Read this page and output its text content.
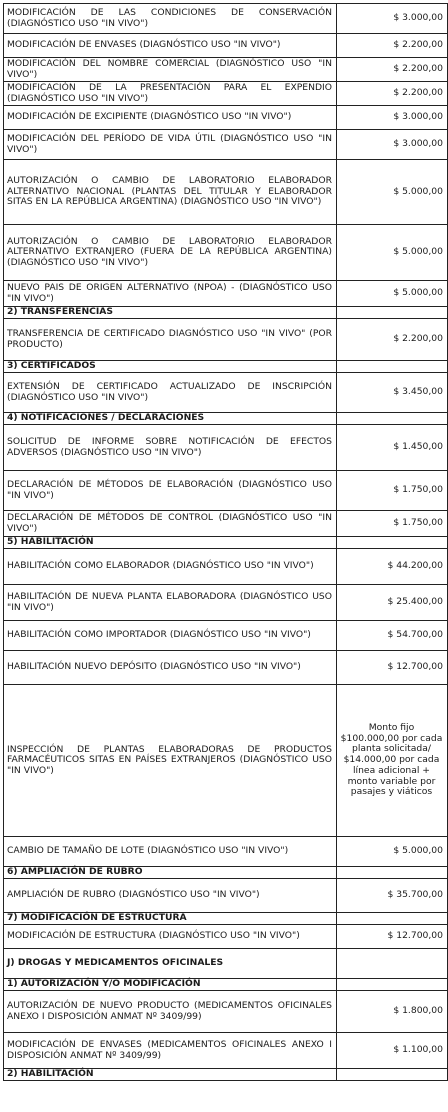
MODIFICACIÓN DE LAS CONDICIONES DE CONSERVACIÓN (DIAGNÓSTICO USO "IN VIVO")	$ 3.000,00
MODIFICACIÓN DE ENVASES (DIAGNÓSTICO USO "IN VIVO")	$ 2.200,00
MODIFICACIÓN DEL NOMBRE COMERCIAL (DIAGNÓSTICO USO "IN VIVO")	$ 2.200,00
MODIFICACIÓN DE LA PRESENTACIÓN PARA EL EXPENDIO (DIAGNÓSTICO USO "IN VIVO")	$ 2.200,00
MODIFICACIÓN DE EXCIPIENTE (DIAGNÓSTICO USO "IN VIVO")	$ 3.000,00
MODIFICACIÓN DEL PERÍODO DE VIDA ÚTIL (DIAGNÓSTICO USO "IN VIVO")	$ 3.000,00
AUTORIZACIÓN O CAMBIO DE LABORATORIO ELABORADOR ALTERNATIVO NACIONAL (PLANTAS DEL TITULAR Y ELABORADOR SITAS EN LA REPÚBLICA ARGENTINA) (DIAGNÓSTICO USO "IN VIVO")	$ 5.000,00
AUTORIZACIÓN O CAMBIO DE LABORATORIO ELABORADOR ALTERNATIVO EXTRANJERO (FUERA DE LA REPÚBLICA ARGENTINA) (DIAGNÓSTICO USO "IN VIVO")	$ 5.000,00
NUEVO PAIS DE ORIGEN ALTERNATIVO (NPOA) - (DIAGNÓSTICO USO "IN VIVO")	$ 5.000,00
2) TRANSFERENCIAS	
TRANSFERENCIA DE CERTIFICADO DIAGNÓSTICO USO "IN VIVO" (POR PRODUCTO)	$ 2.200,00
3) CERTIFICADOS	
EXTENSIÓN DE CERTIFICADO ACTUALIZADO DE INSCRIPCIÓN (DIAGNÓSTICO USO "IN VIVO")	$ 3.450,00
4) NOTIFICACIONES / DECLARACIONES	
SOLICITUD DE INFORME SOBRE NOTIFICACIÓN DE EFECTOS ADVERSOS (DIAGNÓSTICO USO "IN VIVO")	$ 1.450,00
DECLARACIÓN DE MÉTODOS DE ELABORACIÓN (DIAGNÓSTICO USO "IN VIVO")	$ 1.750,00
DECLARACIÓN DE MÉTODOS DE CONTROL (DIAGNÓSTICO USO "IN VIVO")	$ 1.750,00
5) HABILITACIÓN	
HABILITACIÓN COMO ELABORADOR (DIAGNÓSTICO USO "IN VIVO")	$ 44.200,00
HABILITACIÓN DE NUEVA PLANTA ELABORADORA (DIAGNÓSTICO USO "IN VIVO")	$ 25.400,00
HABILITACIÓN COMO IMPORTADOR (DIAGNÓSTICO USO "IN VIVO")	$ 54.700,00
HABILITACIÓN NUEVO DEPÓSITO (DIAGNÓSTICO USO "IN VIVO")	$ 12.700,00
INSPECCIÓN DE PLANTAS ELABORADORAS DE PRODUCTOS FARMACÉUTICOS SITAS EN PAÍSES EXTRANJEROS (DIAGNÓSTICO USO "IN VIVO")	Monto fijo $100.000,00 por cada planta solicitada/ $14.000,00 por cada línea adicional + monto variable por pasajes y viáticos
CAMBIO DE TAMAÑO DE LOTE (DIAGNÓSTICO USO "IN VIVO")	$ 5.000,00
6) AMPLIACIÓN DE RUBRO	
AMPLIACIÓN DE RUBRO (DIAGNÓSTICO USO "IN VIVO")	$ 35.700,00
7) MODIFICACIÓN DE ESTRUCTURA	
MODIFICACIÓN DE ESTRUCTURA (DIAGNÓSTICO USO "IN VIVO")	$ 12.700,00
J) DROGAS Y MEDICAMENTOS OFICINALES	
1) AUTORIZACIÓN Y/O MODIFICACIÓN	
AUTORIZACIÓN DE NUEVO PRODUCTO (MEDICAMENTOS OFICINALES ANEXO I DISPOSICIÓN ANMAT Nº 3409/99)	$ 1.800,00
MODIFICACIÓN DE ENVASES (MEDICAMENTOS OFICINALES ANEXO I DISPOSICIÓN ANMAT Nº 3409/99)	$ 1.100,00
2) HABILITACIÓN	
